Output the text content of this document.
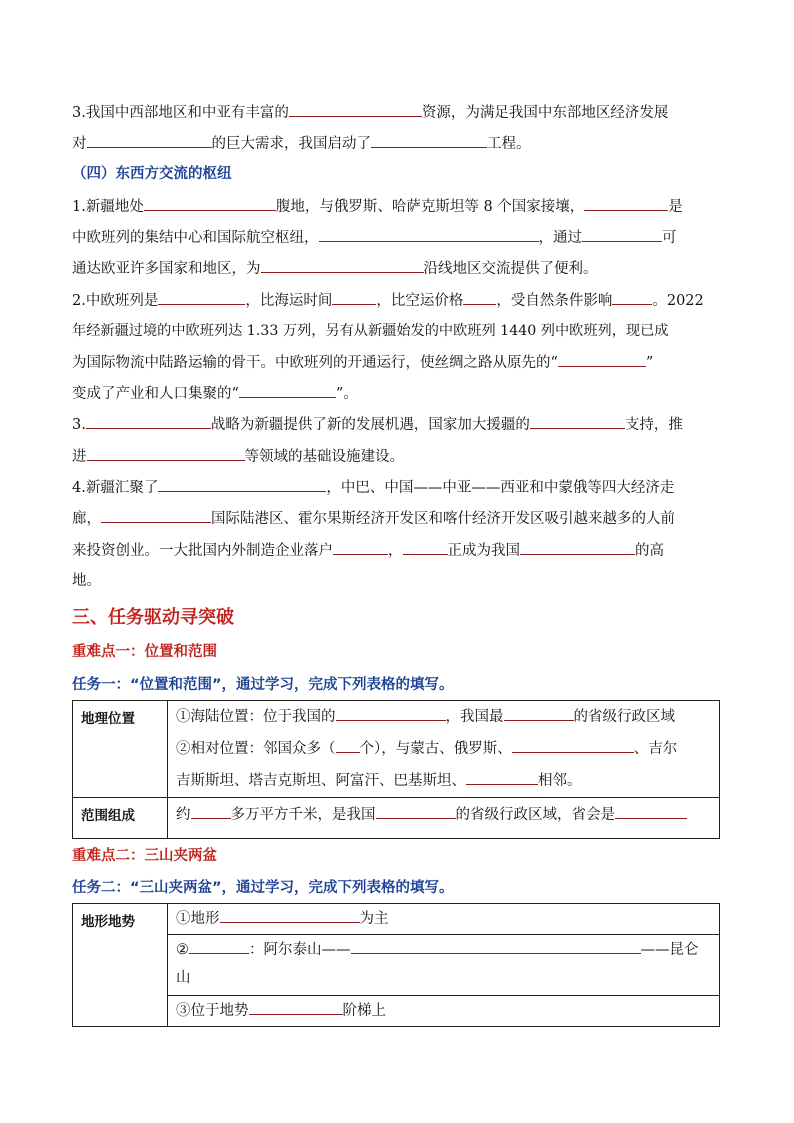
3.我国中西部地区和中亚有丰富的	资源，为满足我国中东部地区经济发展
对	的巨大需求，我国启动了	工程。
（四）东西方交流的枢纽
1.新疆地处	腹地，与俄罗斯、哈萨克斯坦等 8 个国家接壤，	是
中欧班列的集结中心和国际航空枢纽，	，通过	可
通达欧亚许多国家和地区，为	沿线地区交流提供了便利。
2.中欧班列是	，比海运时间	，比空运价格 ，受自然条件影响	。2022
年经新疆过境的中欧班列达 1.33 万列，另有从新疆始发的中欧班列 1440 列中欧班列，现已成
为国际物流中陆路运输的骨干。中欧班列的开通运行，使丝绸之路从原先的“	”
变成了产业和人口集聚的“	”。
3.	战略为新疆提供了新的发展机遇，国家加大援疆的	支持，推
进	等领域的基础设施建设。
4.新疆汇聚了	，中巴、中国——中亚——西亚和中蒙俄等四大经济走
廊，	国际陆港区、霍尔果斯经济开发区和喀什经济开发区吸引越来越多的人前
来投资创业。一大批国内外制造企业落户	，	正成为我国	的高
地。
三、任务驱动寻突破
重难点一：位置和范围
任务一：“位置和范围”，通过学习，完成下列表格的填写。
地理位置	①海陆位置：位于我国的 ，我国最 的省级行政区域
②相对位置：邻国众多（ 个），与蒙古、俄罗斯、 、吉尔
吉斯斯坦、塔吉克斯坦、阿富汗、巴基斯坦、 相邻。

范围组成	约 多万平方千米，是我国 的省级行政区域，省会是
重难点二：三山夹两盆
任务二：“三山夹两盆”，通过学习，完成下列表格的填写。
地形地势	①地形	为主
②	：阿尔泰山——	——昆仑
山
③位于地势	阶梯上
